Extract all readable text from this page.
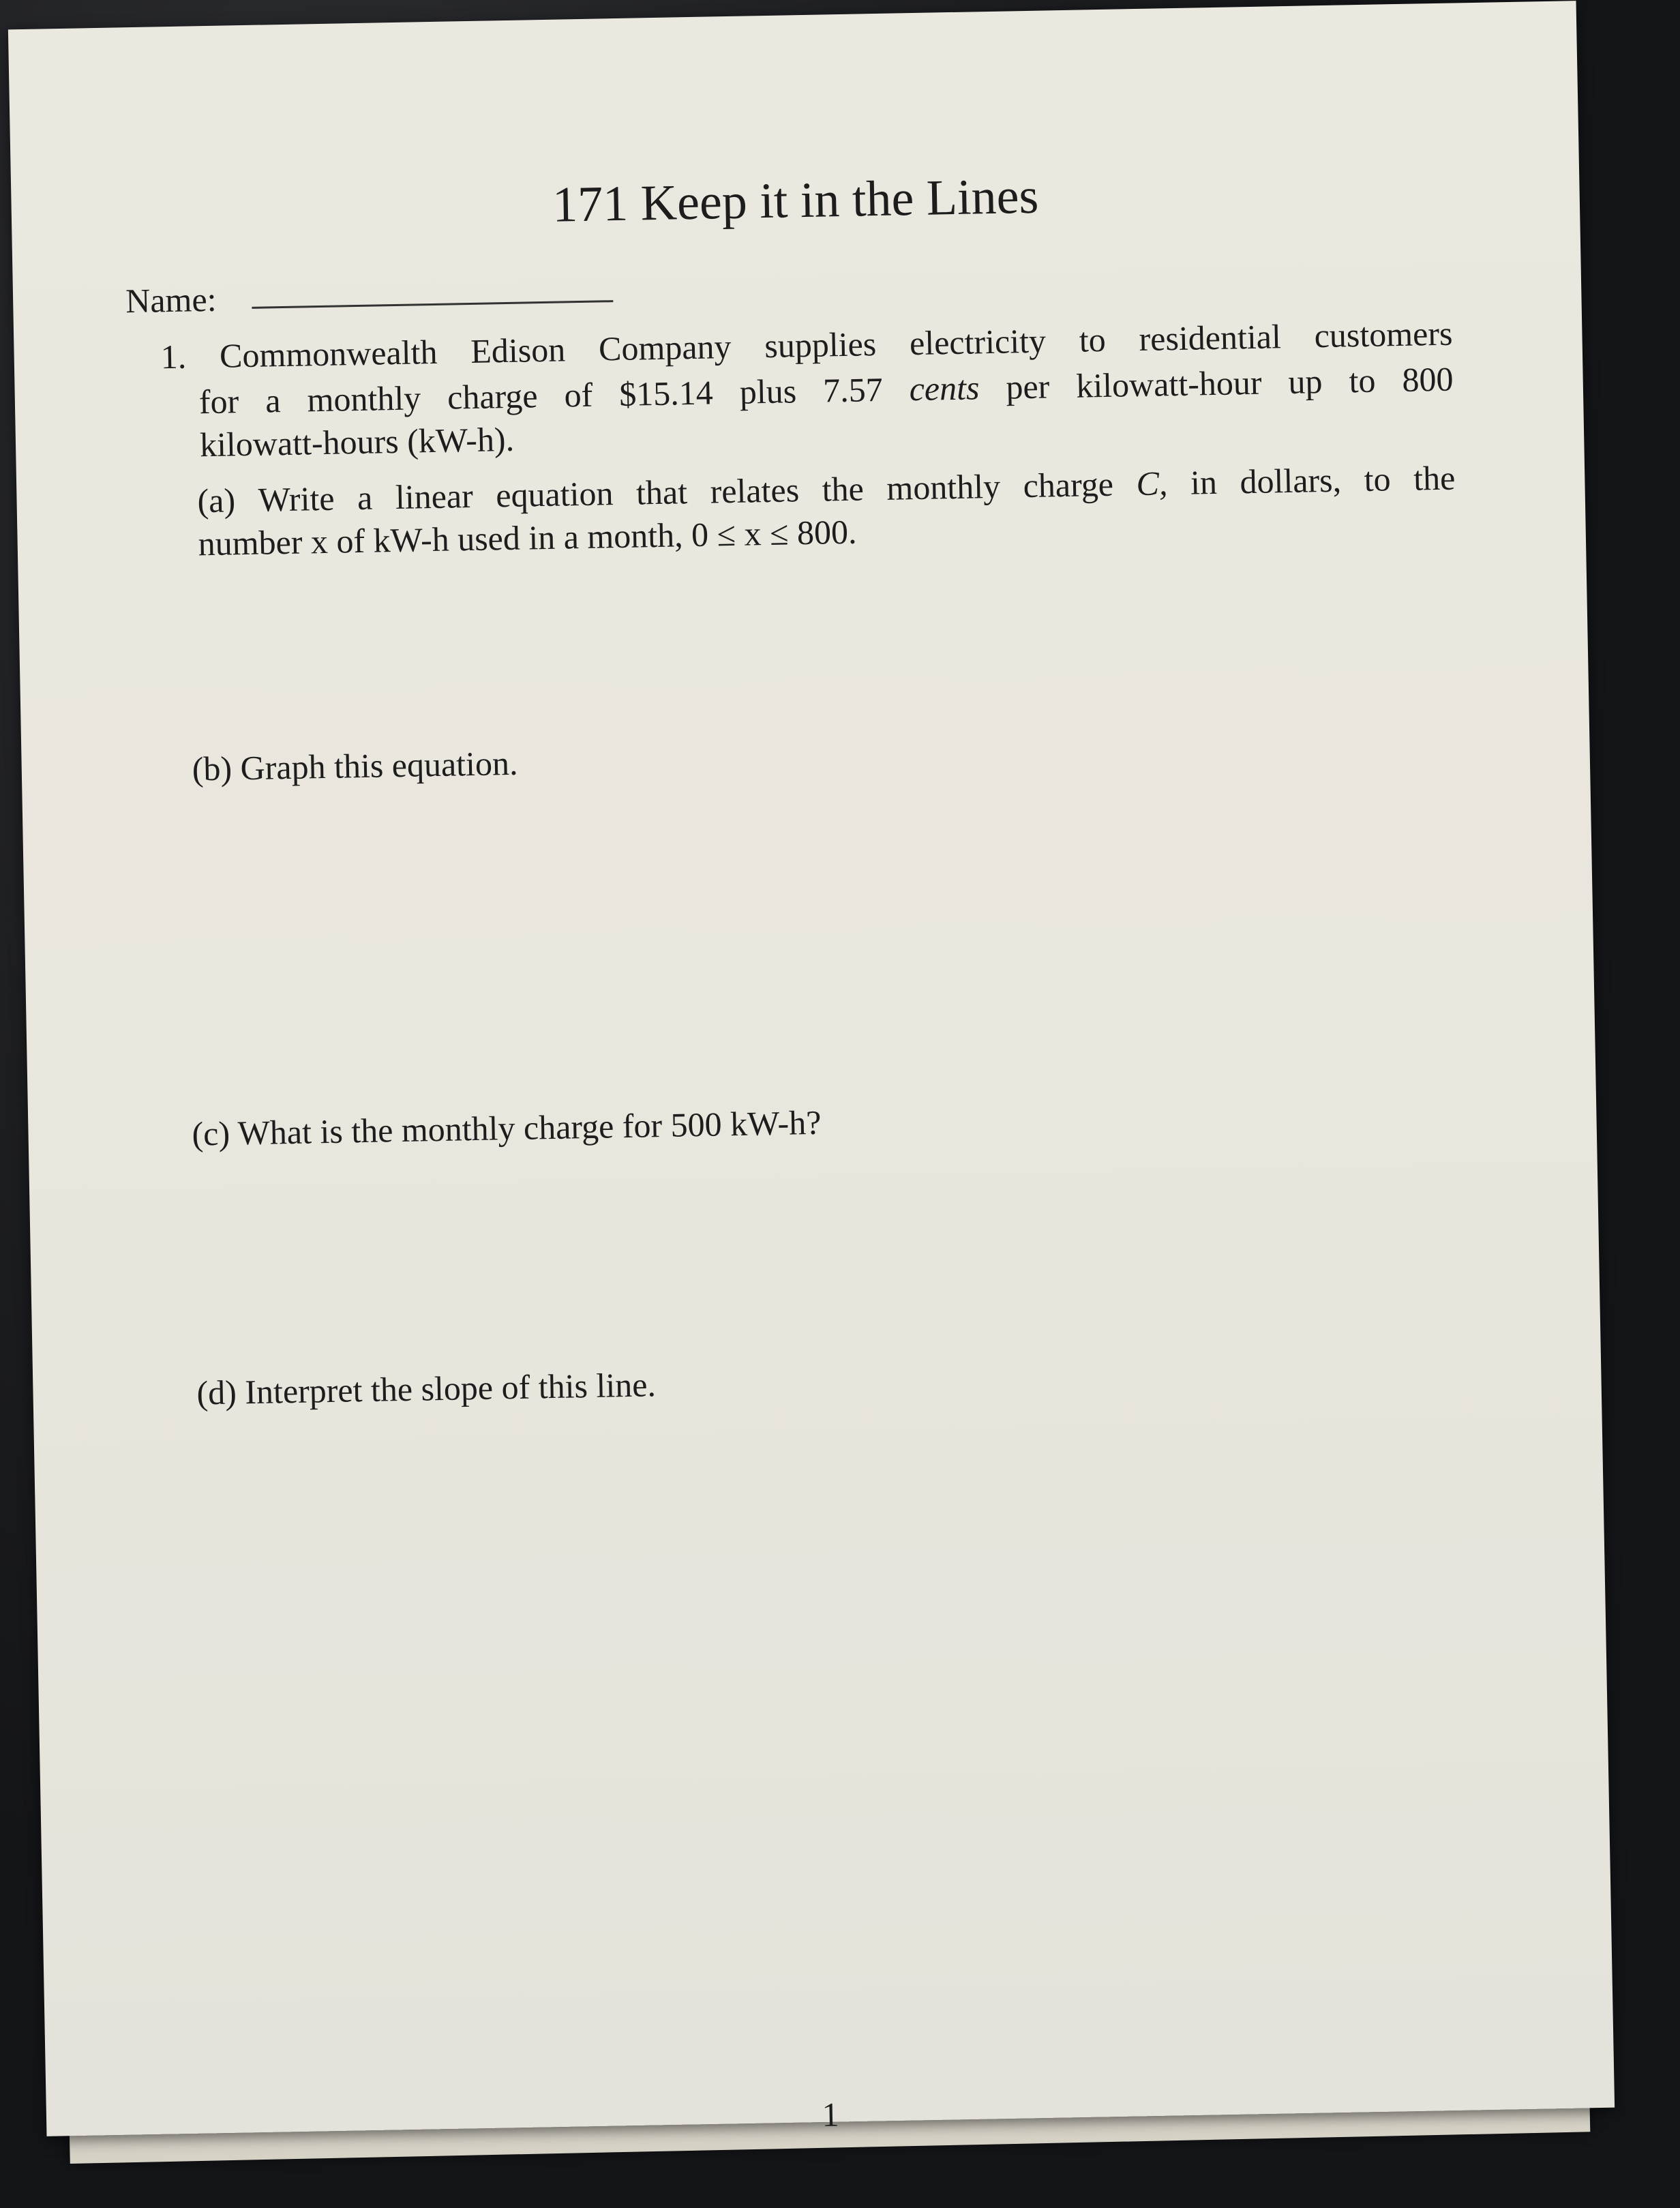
171 Keep it in the Lines
Name:
1. Commonwealth Edison Company supplies electricity to residential customers
for a monthly charge of $15.14 plus 7.57 cents per kilowatt-hour up to 800
kilowatt-hours (kW-h).
(a) Write a linear equation that relates the monthly charge C, in dollars, to the
number x of kW-h used in a month, 0 ≤ x ≤ 800.
(b) Graph this equation.
(c) What is the monthly charge for 500 kW-h?
(d) Interpret the slope of this line.
1
